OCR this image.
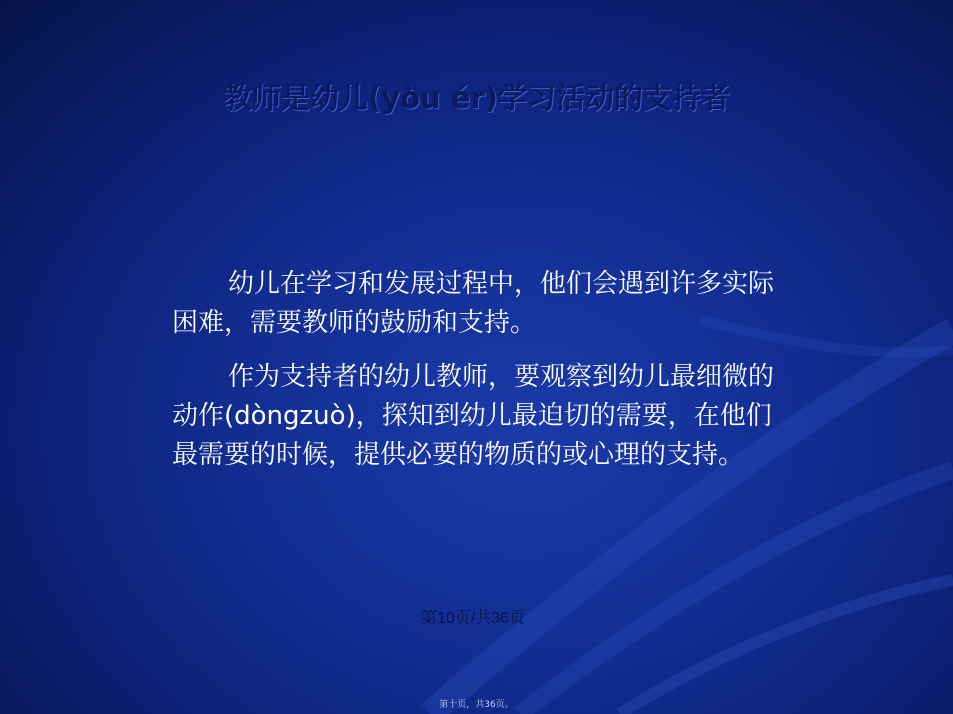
教师是幼儿(yòu ér)学习活动的支持者

幼儿在学习和发展过程中，他们会遇到许多实际困难，需要教师的鼓励和支持。

作为支持者的幼儿教师，要观察到幼儿最细微的动作(dòngzuò)，探知到幼儿最迫切的需要，在他们最需要的时候，提供必要的物质的或心理的支持。

第10页/共36页
第十页，共36页。
